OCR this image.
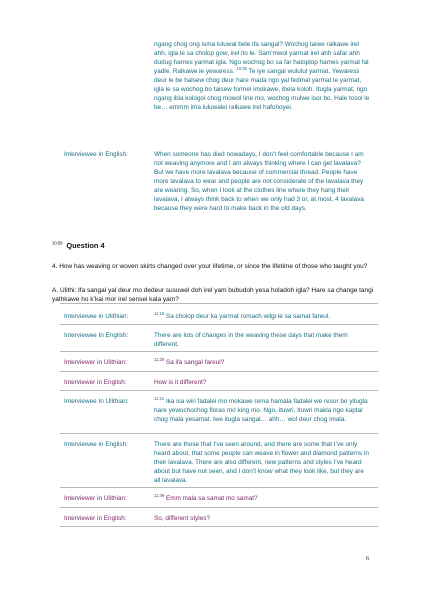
ngang chog ong isma luluwal bele ifa sangal? Wochog taiwe ralkawe irel ahh, igla le sa cholop gow, irel ito le. Sam'mwol yarmat irel ahh safar ahh dudug hames yarmat igla. Ngo wochog bo sa far hatoplop hames yarmat fal yadle. Ralkawe le yewaress. $^{10:35}$ Te iye sangal wululul yarmat. Yewaress deur le be halsew chog deur hare mada ngo yal fedmal yarmat le yarmat, igla le sa wochog bo taisew formel imokawe, ibela koloh. Itugla yarmat, ngo ngang ibla kologoi chog mowol line mo, wochog mulwe isor bo, Hale tosol le be… emmm ima luluwalei ralkawe irel hafohoyei.
Interviewee in English:	When someone has died nowadays, I don’t feel comfortable because I am not weaving anymore and I am always thinking where I can get lavalava? But we have more lavalava because of commercial thread. People have more lavalava to wear and people are not considerate of the lavalava they are wearing. So, when I look at the clothes line where they hang their lavalava, I always think back to when we only had 3 or, at most, 4 lavalava because they were hard to make back in the old days.
$^{10:59}$ Question 4
4. How has weaving or woven skirts changed over your lifetime, or since the lifetime of those who taught you?
A. Ulithi: Ifa sangal yal deur mo dedeur susuwel doh irel yam bubudoh yesa holadoh igla? Hare sa change tangi yathkawe ho k’kai mor irel sensei kala yam?
Interviewee in Ulithian:	$^{11:16}$ Sa cholop deur ka yarmat romach wilgi le sa samat fareul.
Interviewee In English:	There are lots of changes in the weaving these days that make them different.
Interviewer in Ulithian:	$^{11:29}$ Sa ifa sangal fareul?
Interviewer in English:	How is it different?
Interviewee In Ulithian:	$^{11:31}$ Ika isa wiri fadalei mo mokawe rema hamala fadalei we resor bo yitugla hare yewochochog floras mo king mo. Ngo, ituwri, Ituwri makla ngo kaptal chog mala yesamat. Iwe itugla sangal… ahh… wol deur chog imala.
Interviewee in English:	There are those that I’ve seen around, and there are some that I’ve only heard about, that some people can weave in flower and diamond patterns in their lavalava. There are also different, new patterns and styles I’ve heard about but have not seen, and I don’t know what they look like, but they are all lavalava.
Interviewer in Ulithian:	$^{11:49}$ Emm mala sa samat mo samat?
Interviewer in English:	So, different styles?
6
